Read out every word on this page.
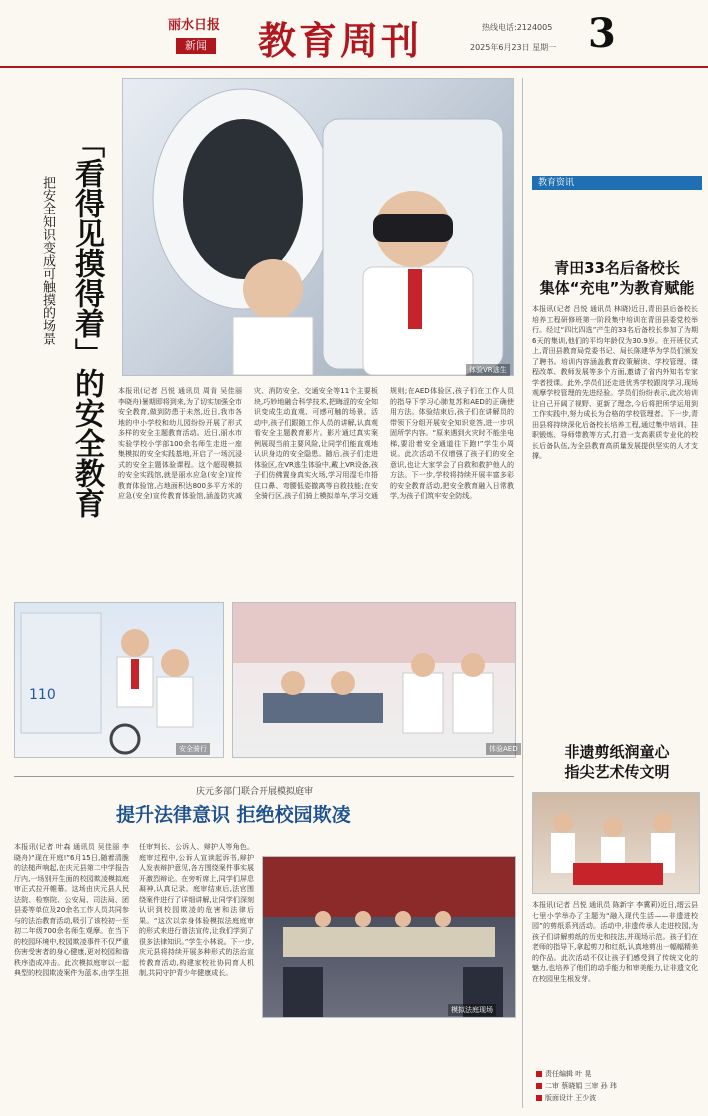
丽水日报
新闻 教育周刊	热线电话:2124005
2025年6月23日 星期一 3
体验VR逃生
「看得见摸得着」的安全教育
把安全知识变成可触摸的场景
本报讯(记者 吕悦 通讯员 周肯 吴佳丽 李晓舟)暑期即将到来,为了切实加强全市安全教育,做到防患于未然,近日,我市各地的中小学校和幼儿园纷纷开展了形式多样的安全主题教育活动。近日,丽水市实验学校小学部100余名师生走进一座集模拟的安全实践基地,开启了一场沉浸式的安全主题体验课程。这个超现模拟的安全实践馆,就是丽水应急(安全)宣传教育体验馆,占地面积达800多平方米的应急(安全)宣传教育体验馆,涵盖防灾减灾、消防安全、交通安全等11个主要板块,巧妙地融合科学技术,把晦涩的安全知识变成生动直观、可感可触的场景。活动中,孩子们跟随工作人员的讲解,认真观看安全主题教育影片。影片通过真实案例展现当前主要风险,让同学们能直观地认识身边的安全隐患。随后,孩子们走进体验区,在VR逃生体验中,戴上VR设备,孩子们仿佛置身真实火场,学习用湿毛巾捂住口鼻、弯腰低姿撤离等自救技能;在安全骑行区,孩子们骑上模拟单车,学习交通规则;在AED体验区,孩子们在工作人员的指导下学习心肺复苏和AED的正确使用方法。体验结束后,孩子们在讲解员的带领下分组开展安全知识竞答,进一步巩固所学内容。“原来遇到火灾时不能坐电梯,要沿着安全通道往下跑!”学生小周说。此次活动不仅增强了孩子们的安全意识,也让大家学会了自救和救护他人的方法。下一步,学校将持续开展丰富多彩的安全教育活动,把安全教育融入日常教学,为孩子们筑牢安全防线。
110
安全骑行	体验AED
庆元多部门联合开展模拟庭审
提升法律意识 拒绝校园欺凌
模拟法庭现场
本报讯(记者 叶森 通讯员 吴佳丽 李晓舟)“现在开庭!”6月15日,随着清脆的法槌声响起,在庆元县第二中学报告厅内,一场别开生面的校园欺凌模拟庭审正式拉开帷幕。这场由庆元县人民法院、检察院、公安局、司法局、团县委等单位及20余名工作人员共同参与的法治教育活动,吸引了该校初一至初二年级700余名师生观摩。在当下的校园环境中,校园欺凌事件不仅严重伤害受害者的身心健康,更对校园和谐秩序造成冲击。此次模拟庭审以一起典型的校园欺凌案件为蓝本,由学生担任审判长、公诉人、辩护人等角色。庭审过程中,公诉人宣读起诉书,辩护人发表辩护意见,各方围绕案件事实展开激烈辩论。在旁听席上,同学们屏息凝神,认真记录。庭审结束后,法官围绕案件进行了详细讲解,让同学们深刻认识到校园欺凌的危害和法律后果。“这次以亲身体验模拟法庭庭审的形式来进行普法宣传,让我们学到了很多法律知识。”学生小林说。下一步,庆元县将持续开展多种形式的法治宣传教育活动,构建家校社协同育人机制,共同守护青少年健康成长。
教育资讯
青田33名后备校长
集体“充电”为教育赋能
本报讯(记者 吕悦 通讯员 林晓)近日,青田县后备校长培养工程研修班第一阶段集中培训在青田县委党校举行。经过“四比四选”产生的33名后备校长参加了为期6天的集训,他们的平均年龄仅为30.9岁。在开班仪式上,青田县教育局党委书记、局长陈建华为学员们颁发了聘书。培训内容涵盖教育政策解读、学校管理、课程改革、教师发展等多个方面,邀请了省内外知名专家学者授课。此外,学员们还走进优秀学校跟岗学习,现场观摩学校管理的先进经验。学员们纷纷表示,此次培训让自己开阔了视野、更新了理念,今后将把所学运用到工作实践中,努力成长为合格的学校管理者。下一步,青田县将持续深化后备校长培养工程,通过集中培训、挂职锻炼、导师带教等方式,打造一支高素质专业化的校长后备队伍,为全县教育高质量发展提供坚实的人才支撑。
非遗剪纸润童心
指尖艺术传文明
本报讯(记者 吕悦 通讯员 陈新宇 李冀莉)近日,缙云县七里小学举办了主题为“融入现代生活——非遗进校园”的剪纸系列活动。活动中,非遗传承人走进校园,为孩子们讲解剪纸的历史和技法,并现场示范。孩子们在老师的指导下,拿起剪刀和红纸,认真地剪出一幅幅精美的作品。此次活动不仅让孩子们感受到了传统文化的魅力,也培养了他们的动手能力和审美能力,让非遗文化在校园里生根发芽。
责任编辑 叶 晃
二审 蔡晓娟 三审 孙 玮
版面设计 王少波
